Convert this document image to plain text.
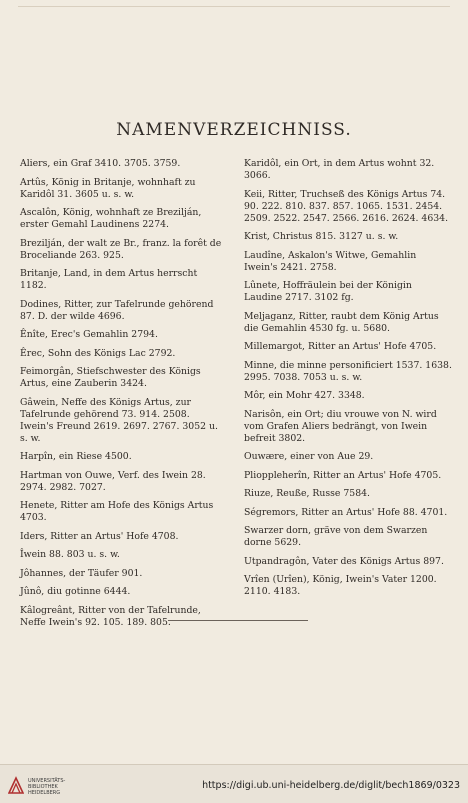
NAMENVERZEICHNISS.
Aliers, ein Graf 3410. 3705. 3759.
Artûs, König in Britanje, wohnhaft zu Karidôl 31. 3605 u. s. w.
Ascalôn, König, wohnhaft ze Brezilján, erster Gemahl Laudinens 2274.
Brezilján, der walt ze Br., franz. la forêt de Broceliande 263. 925.
Britanje, Land, in dem Artus herrscht 1182.
Dodines, Ritter, zur Tafelrunde gehörend 87. D. der wilde 4696.
Ênîte, Erec's Gemahlin 2794.
Êrec, Sohn des Königs Lac 2792.
Feimorgân, Stiefschwester des Königs Artus, eine Zauberin 3424.
Gâwein, Neffe des Königs Artus, zur Tafelrunde gehörend 73. 914. 2508. Iwein's Freund 2619. 2697. 2767. 3052 u. s. w.
Harpîn, ein Riese 4500.
Hartman von Ouwe, Verf. des Iwein 28. 2974. 2982. 7027.
Henete, Ritter am Hofe des Königs Artus 4703.
Iders, Ritter an Artus' Hofe 4708.
Îwein 88. 803 u. s. w.
Jôhannes, der Täufer 901.
Jûnô, diu gotinne 6444.
Kâlogreânt, Ritter von der Tafelrunde, Neffe Iwein's 92. 105. 189. 805.
Karidôl, ein Ort, in dem Artus wohnt 32. 3066.
Keii, Ritter, Truchseß des Königs Artus 74. 90. 222. 810. 837. 857. 1065. 1531. 2454. 2509. 2522. 2547. 2566. 2616. 2624. 4634.
Krist, Christus 815. 3127 u. s. w.
Laudîne, Askalon's Witwe, Gemahlin Iwein's 2421. 2758.
Lûnete, Hoffräulein bei der Königin Laudine 2717. 3102 fg.
Meljaganz, Ritter, raubt dem König Artus die Gemahlin 4530 fg. u. 5680.
Millemargot, Ritter an Artus' Hofe 4705.
Minne, die minne personificiert 1537. 1638. 2995. 7038. 7053 u. s. w.
Môr, ein Mohr 427. 3348.
Narisôn, ein Ort; diu vrouwe von N. wird vom Grafen Aliers bedrängt, von Iwein befreit 3802.
Ouwære, einer von Aue 29.
Plioppleherîn, Ritter an Artus' Hofe 4705.
Riuze, Reuße, Russe 7584.
Ségremors, Ritter an Artus' Hofe 88. 4701.
Swarzer dorn, gräve von dem Swarzen dorne 5629.
Utpandragôn, Vater des Königs Artus 897.
Vrîen (Urîen), König, Iwein's Vater 1200. 2110. 4183.
UNIVERSITÄTS-
BIBLIOTHEK
HEIDELBERG
https://digi.ub.uni-heidelberg.de/diglit/bech1869/0323
